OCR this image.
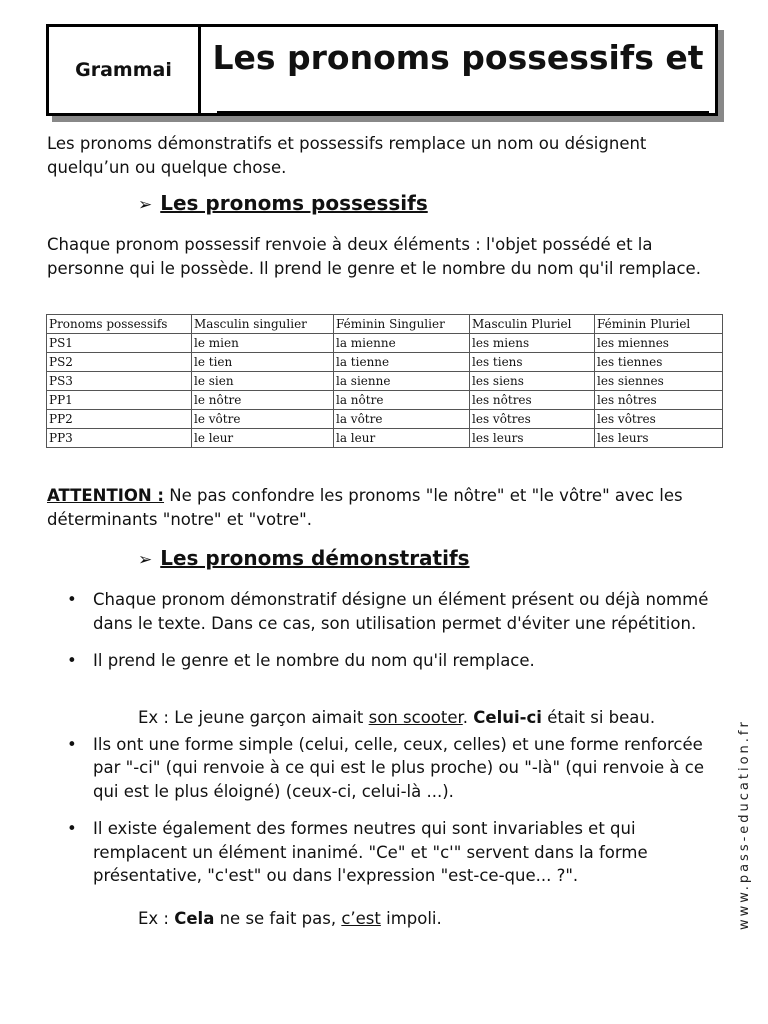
Grammai	Les pronoms possessifs et

Les pronoms démonstratifs et possessifs remplace un nom ou désignent quelqu’un ou quelque chose.

➢ Les pronoms possessifs

Chaque pronom possessif renvoie à deux éléments : l'objet possédé et la personne qui le possède. Il prend le genre et le nombre du nom qu'il remplace.

Pronoms possessifs	Masculin singulier	Féminin Singulier	Masculin Pluriel	Féminin Pluriel
PS1	le mien	la mienne	les miens	les miennes
PS2	le tien	la tienne	les tiens	les tiennes
PS3	le sien	la sienne	les siens	les siennes
PP1	le nôtre	la nôtre	les nôtres	les nôtres
PP2	le vôtre	la vôtre	les vôtres	les vôtres
PP3	le leur	la leur	les leurs	les leurs

ATTENTION : Ne pas confondre les pronoms "le nôtre" et "le vôtre" avec les déterminants "notre" et "votre".

➢ Les pronoms démonstratifs
• Chaque pronom démonstratif désigne un élément présent ou déjà nommé dans le texte. Dans ce cas, son utilisation permet d'éviter une répétition.
• Il prend le genre et le nombre du nom qu'il remplace.
• Ils ont une forme simple (celui, celle, ceux, celles) et une forme renforcée par "-ci" (qui renvoie à ce qui est le plus proche) ou "-là" (qui renvoie à ce qui est le plus éloigné) (ceux-ci, celui-là ...).
• Il existe également des formes neutres qui sont invariables et qui remplacent un élément inanimé. "Ce" et "c'" servent dans la forme présentative, "c'est" ou dans l'expression "est-ce-que... ?".

Ex : Le jeune garçon aimait son scooter. Celui-ci était si beau.

Ex : Cela ne se fait pas, c’est impoli.	www.pass-education.fr
